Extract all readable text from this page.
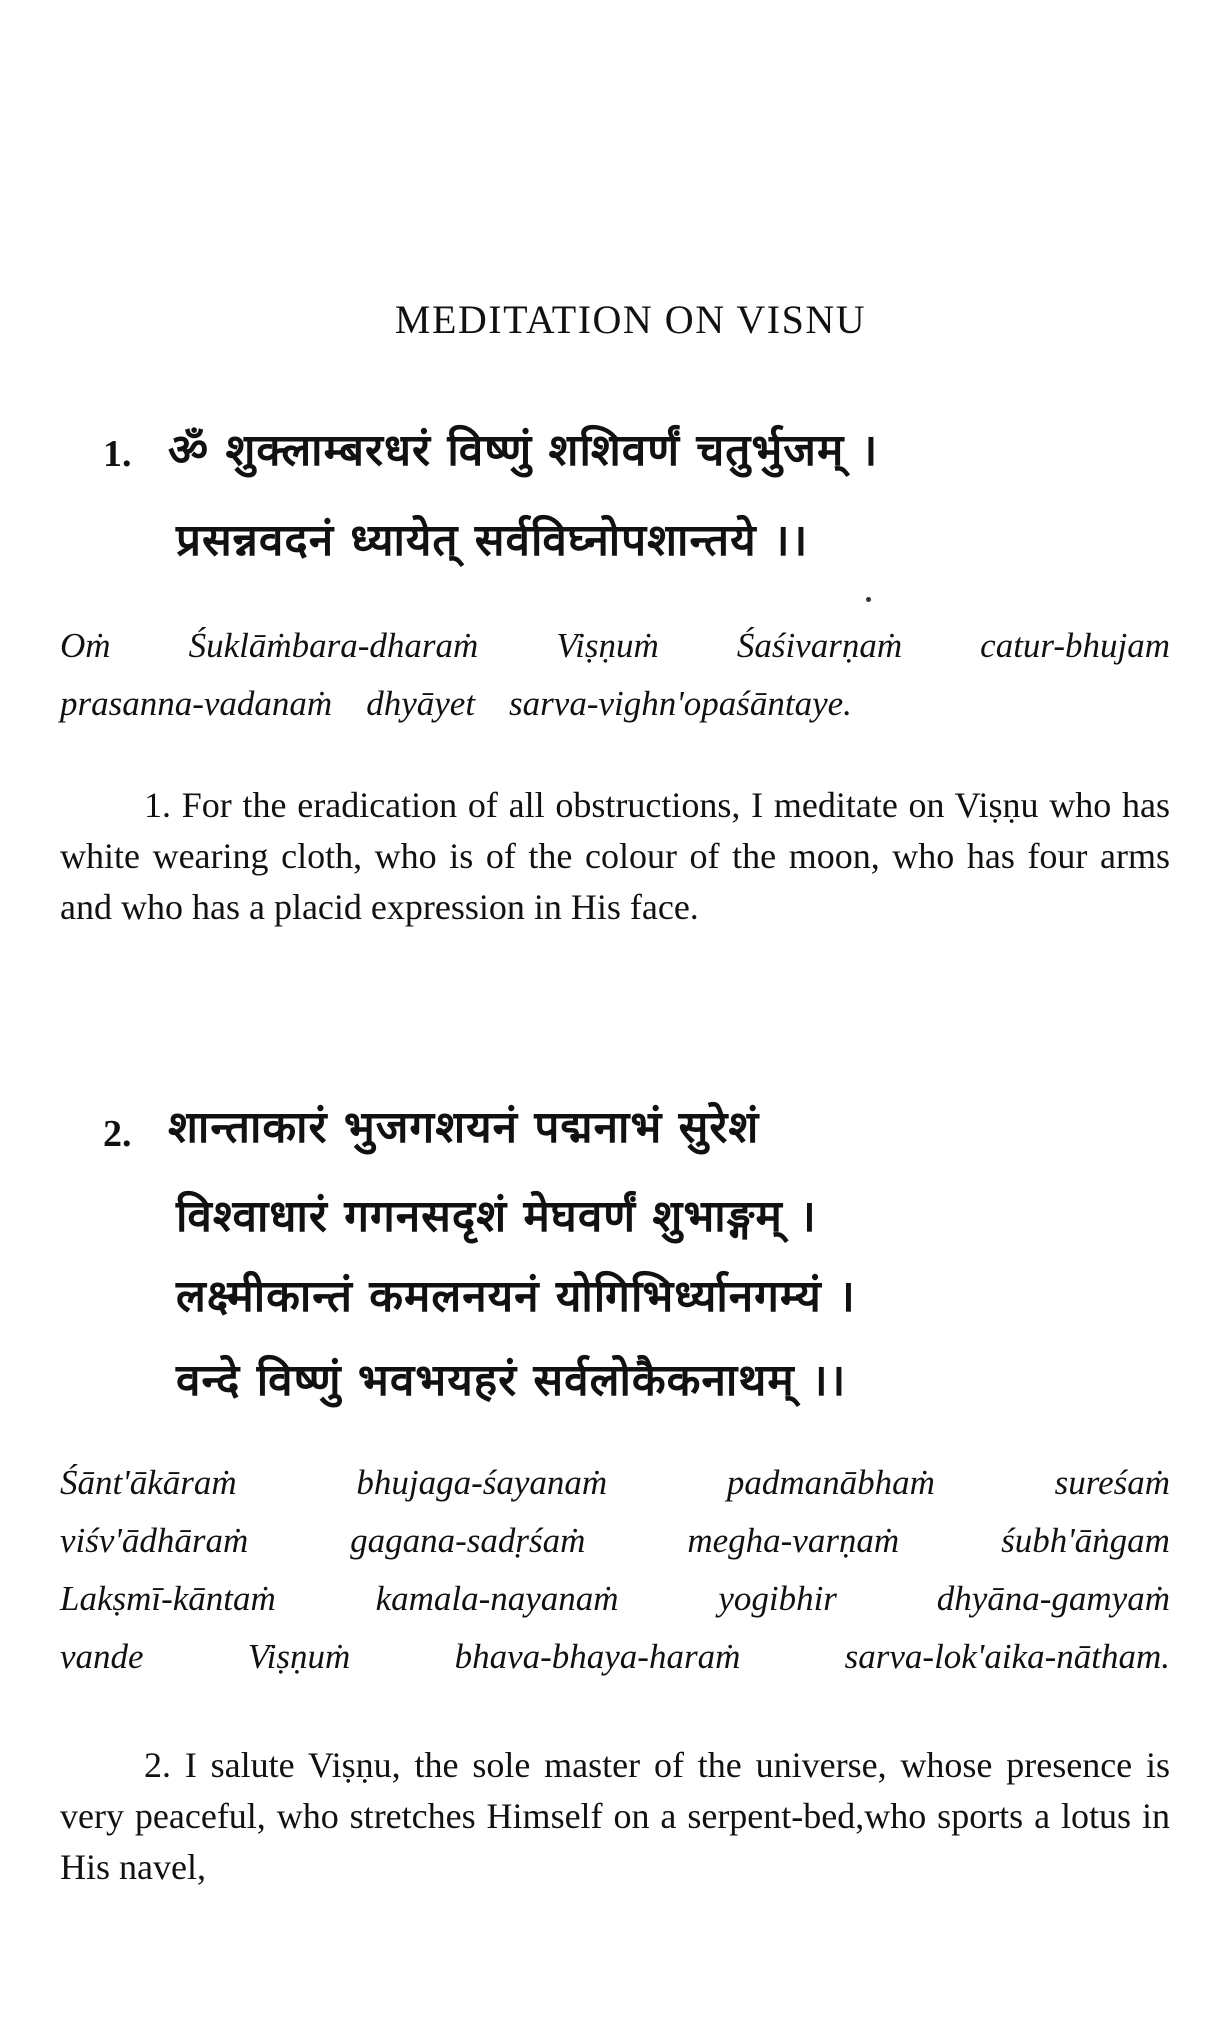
MEDITATION ON VISNU
1. ॐ शुक्लाम्बरधरं विष्णुं शशिवर्णं चतुर्भुजम् ।
प्रसन्नवदनं ध्यायेत् सर्वविघ्नोपशान्तये ।।
Oṁ Śuklāṁbara-dharaṁ Viṣṇuṁ Śaśivarṇaṁ catur-bhujam
prasanna-vadanaṁ dhyāyet sarva-vighn'opaśāntaye.
1. For the eradication of all obstructions, I meditate on Viṣṇu who has white wearing cloth, who is of the colour of the moon, who has four arms and who has a placid expression in His face.
2. शान्ताकारं भुजगशयनं पद्मनाभं सुरेशं
विश्वाधारं गगनसदृशं मेघवर्णं शुभाङ्गम् ।
लक्ष्मीकान्तं कमलनयनं योगिभिर्ध्यानगम्यं ।
वन्दे विष्णुं भवभयहरं सर्वलोकैकनाथम् ।।
Śānt'ākāraṁ	bhujaga-śayanaṁ	padmanābhaṁ	sureśaṁ
viśv'ādhāraṁ	gagana-sadṛśaṁ	megha-varṇaṁ	śubh'āṅgam
Lakṣmī-kāntaṁ	kamala-nayanaṁ	yogibhir	dhyāna-gamyaṁ
vande	Viṣṇuṁ	bhava-bhaya-haraṁ	sarva-lok'aika-nātham.
2. I salute Viṣṇu, the sole master of the universe, whose presence is very peaceful, who stretches Himself on a serpent-bed,who sports a lotus in His navel,
